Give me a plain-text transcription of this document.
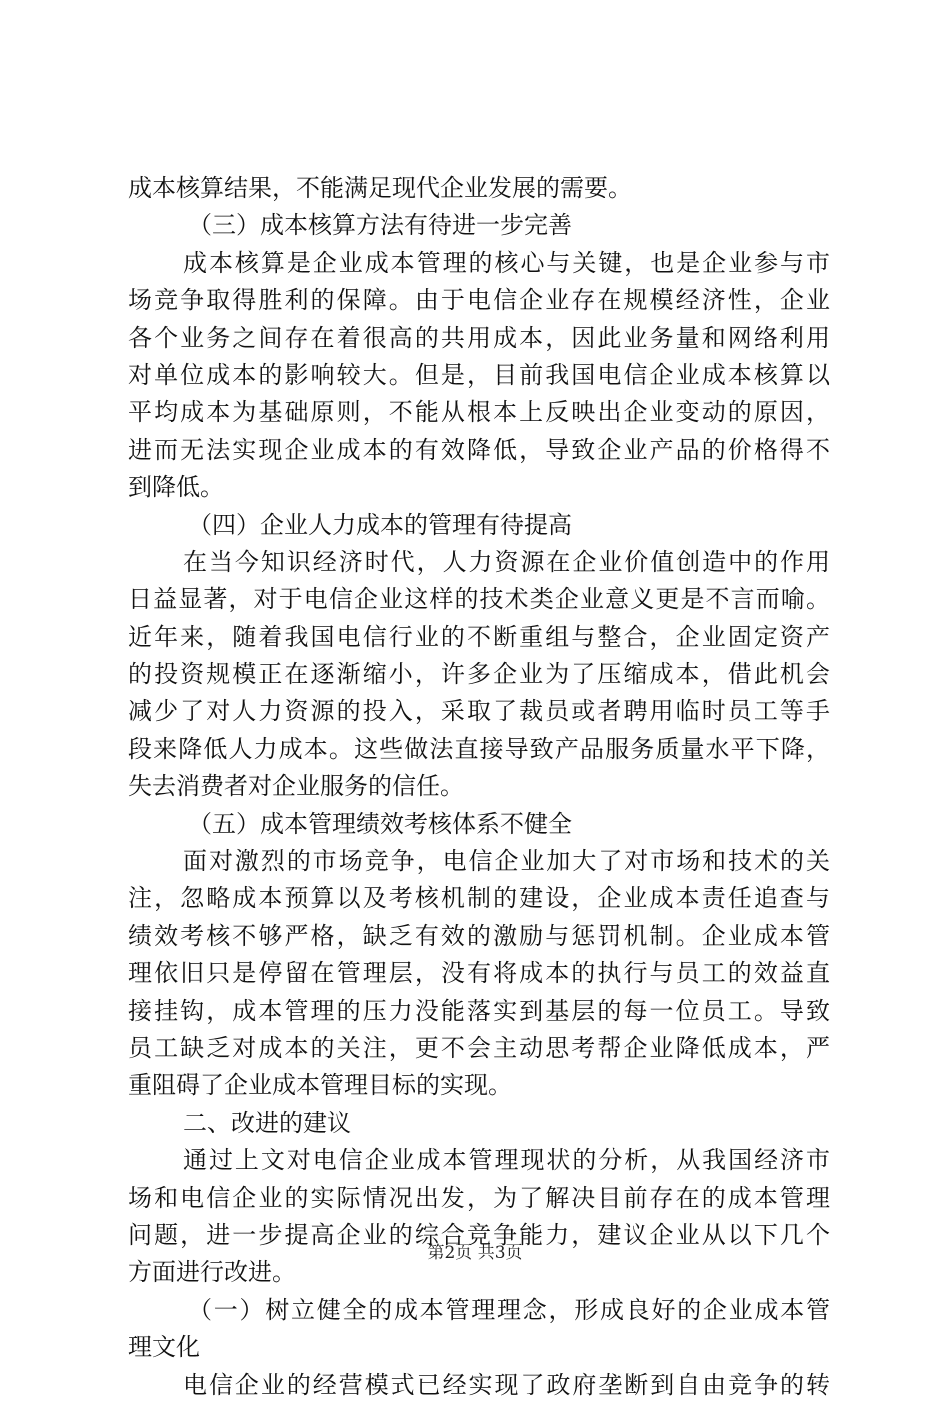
成本核算结果，不能满足现代企业发展的需要。
（三）成本核算方法有待进一步完善
成本核算是企业成本管理的核心与关键，也是企业参与市
场竞争取得胜利的保障。由于电信企业存在规模经济性，企业
各个业务之间存在着很高的共用成本，因此业务量和网络利用
对单位成本的影响较大。但是，目前我国电信企业成本核算以
平均成本为基础原则，不能从根本上反映出企业变动的原因，
进而无法实现企业成本的有效降低，导致企业产品的价格得不
到降低。
（四）企业人力成本的管理有待提高
在当今知识经济时代，人力资源在企业价值创造中的作用
日益显著，对于电信企业这样的技术类企业意义更是不言而喻。
近年来，随着我国电信行业的不断重组与整合，企业固定资产
的投资规模正在逐渐缩小，许多企业为了压缩成本，借此机会
减少了对人力资源的投入，采取了裁员或者聘用临时员工等手
段来降低人力成本。这些做法直接导致产品服务质量水平下降，
失去消费者对企业服务的信任。
（五）成本管理绩效考核体系不健全
面对激烈的市场竞争，电信企业加大了对市场和技术的关
注，忽略成本预算以及考核机制的建设，企业成本责任追查与
绩效考核不够严格，缺乏有效的激励与惩罚机制。企业成本管
理依旧只是停留在管理层，没有将成本的执行与员工的效益直
接挂钩，成本管理的压力没能落实到基层的每一位员工。导致
员工缺乏对成本的关注，更不会主动思考帮企业降低成本，严
重阻碍了企业成本管理目标的实现。
二、改进的建议
通过上文对电信企业成本管理现状的分析，从我国经济市
场和电信企业的实际情况出发，为了解决目前存在的成本管理
问题，进一步提高企业的综合竞争能力，建议企业从以下几个
方面进行改进。
（一）树立健全的成本管理理念，形成良好的企业成本管
理文化
电信企业的经营模式已经实现了政府垄断到自由竞争的转
第2页 共3页
